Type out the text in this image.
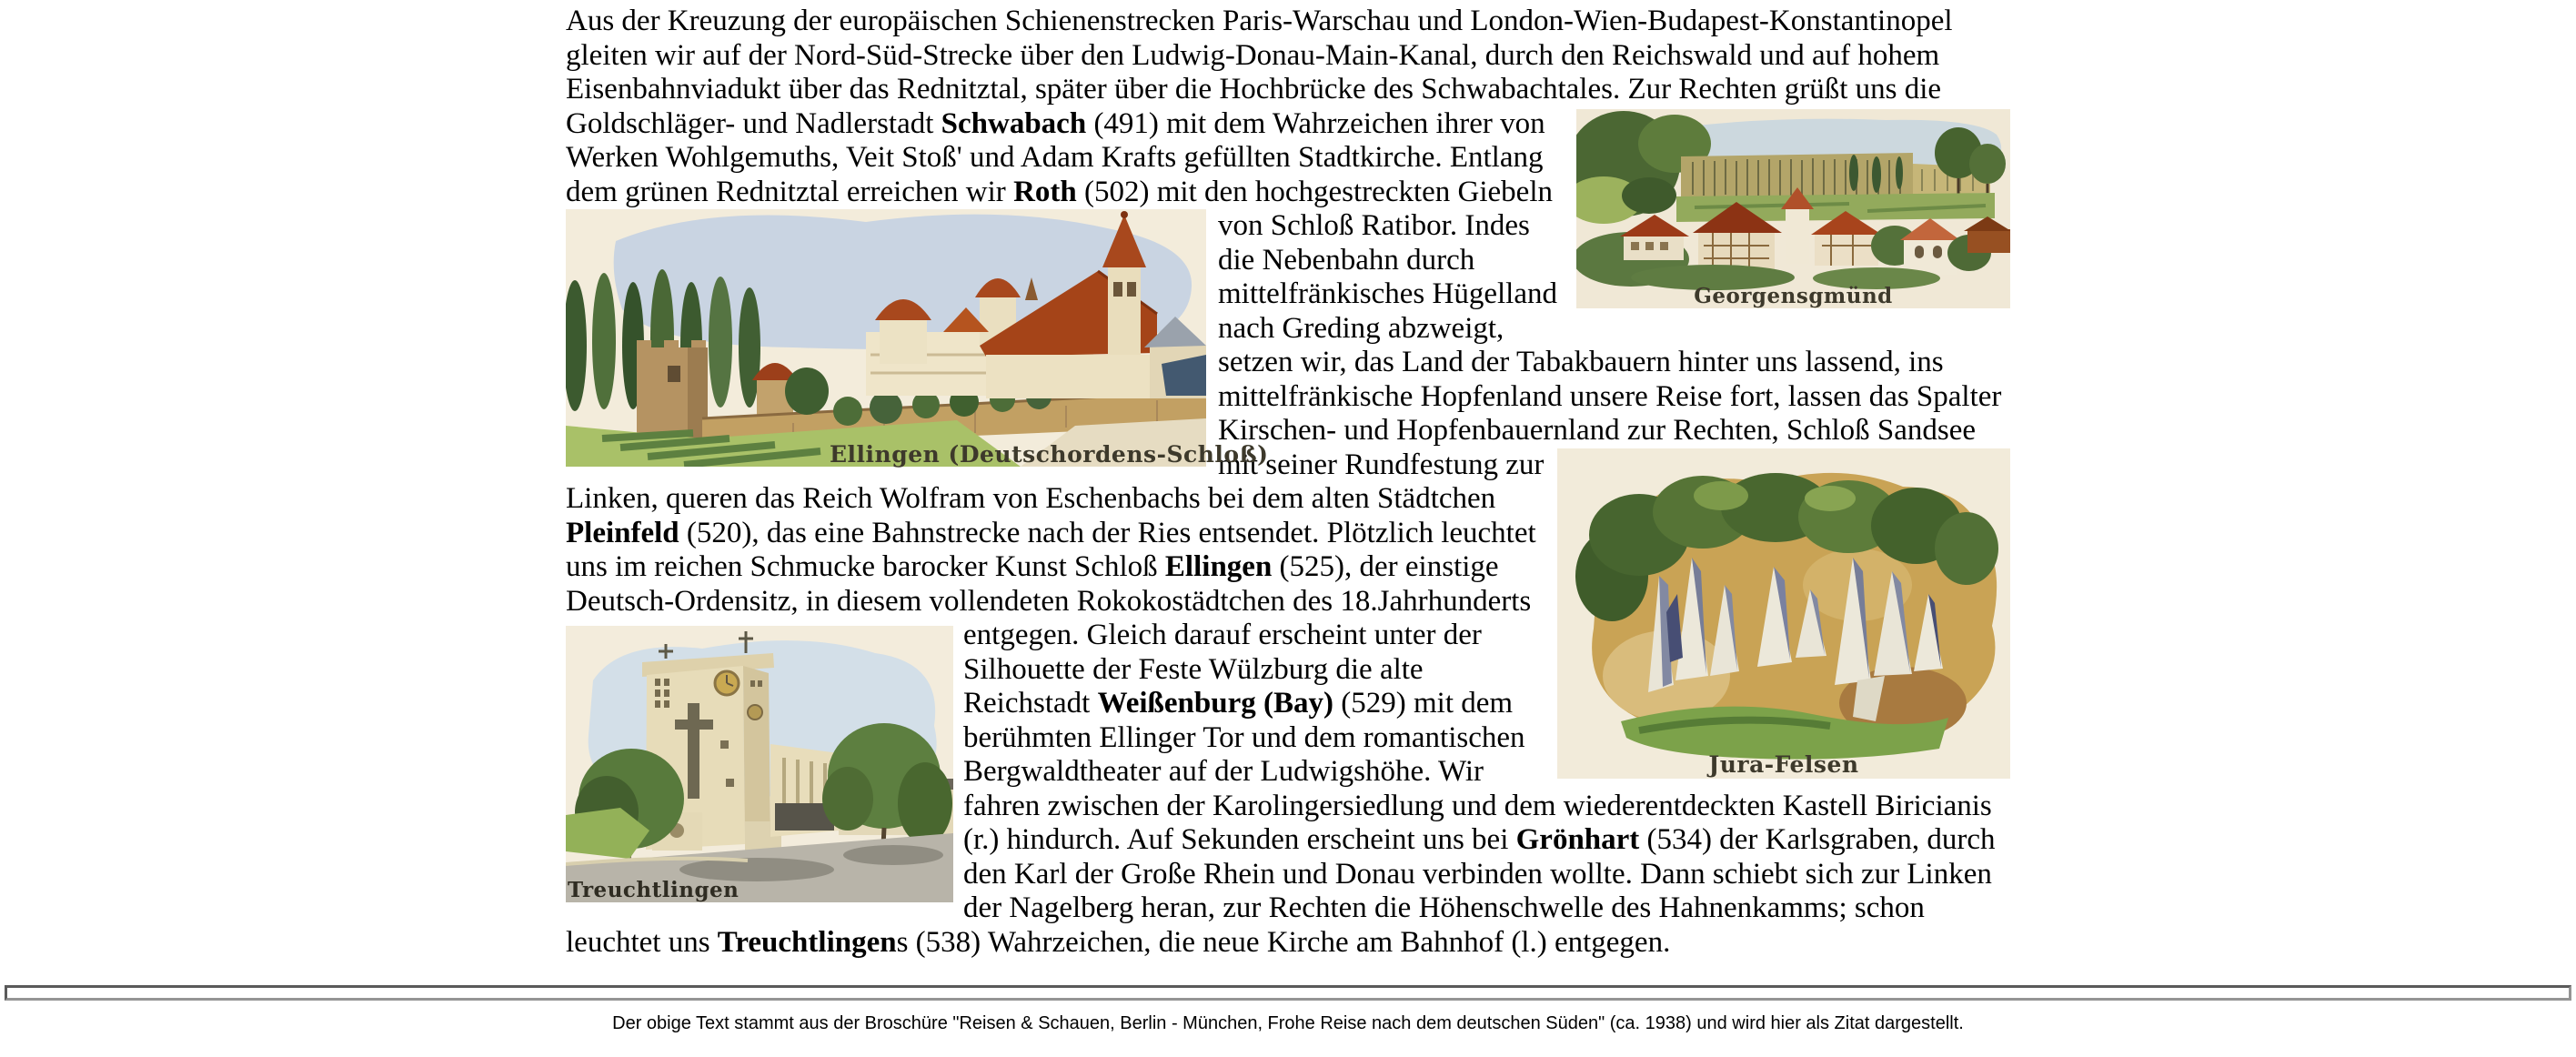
Aus der Kreuzung der europäischen Schienenstrecken Paris-Warschau und London-Wien-Budapest-Konstantinopel gleiten wir auf der Nord-Süd-Strecke über den Ludwig-Donau-Main-Kanal, durch den Reichswald und auf hohem Eisenbahnviadukt über das Rednitztal, später über die Hochbrücke des Schwabachtales. Zur Rechten grüßt uns die
Georgensgmünd
Goldschläger- und Nadlerstadt Schwabach (491) mit dem Wahrzeichen ihrer von Werken Wohlgemuths, Veit Stoß' und Adam Krafts gefüllten Stadtkirche. Entlang dem grünen Rednitztal erreichen wir Roth (502) mit den hochgestreckten Giebeln
Ellingen (Deutschordens-Schloß)
von Schloß Ratibor. Indes die Nebenbahn durch mittelfränkisches Hügelland nach Greding abzweigt, setzen wir, das Land der Tabakbauern hinter uns lassend, ins mittelfränkische Hopfenland unsere Reise fort, lassen das Spalter Kirschen- und Hopfenbauernland zur
Jura-Felsen
Rechten, Schloß Sandsee mit seiner Rundfestung zur Linken, queren das Reich Wolfram von Eschenbachs bei dem alten Städtchen Pleinfeld (520), das eine Bahnstrecke nach der Ries entsendet. Plötzlich leuchtet uns im reichen Schmucke barocker Kunst Schloß Ellingen (525), der einstige Deutsch-Ordensitz, in diesem vollendeten Rokokostädtchen des 18.Jahrhunderts
Treuchtlingen
entgegen. Gleich darauf erscheint unter der Silhouette der Feste Wülzburg die alte Reichstadt Weißenburg (Bay) (529) mit dem berühmten Ellinger Tor und dem romantischen Bergwaldtheater auf der Ludwigshöhe. Wir fahren zwischen der Karolingersiedlung und dem wiederentdeckten Kastell Biricianis (r.) hindurch. Auf Sekunden erscheint uns bei Grönhart (534) der Karlsgraben, durch den Karl der Große Rhein und Donau verbinden wollte. Dann schiebt sich zur Linken der Nagelberg heran, zur Rechten die Höhenschwelle des Hahnenkamms; schon leuchtet uns Treuchtlingens (538) Wahrzeichen, die neue Kirche am Bahnhof (l.) entgegen.

Der obige Text stammt aus der Broschüre "Reisen & Schauen, Berlin - München, Frohe Reise nach dem deutschen Süden" (ca. 1938) und wird hier als Zitat dargestellt.
